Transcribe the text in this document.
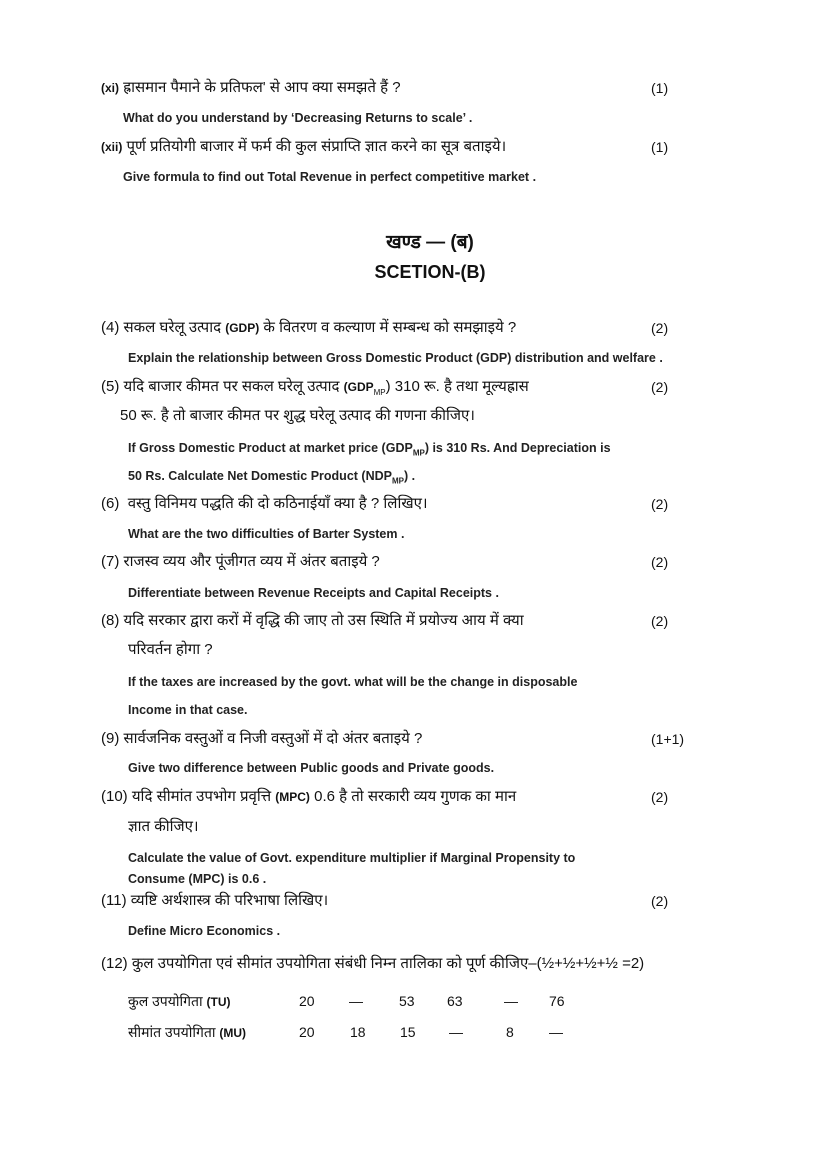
(xi) ह्रासमान पैमाने के प्रतिफल' से आप क्या समझते हैं ?	(1)
What do you understand by ‘Decreasing Returns to scale’ .
(xii) पूर्ण प्रतियोगी बाजार में फर्म की कुल संप्राप्ति ज्ञात करने का सूत्र बताइये।	(1)
Give formula to find out Total Revenue in perfect competitive market .
खण्ड — (ब)
SCETION-(B)
(4) सकल घरेलू उत्पाद (GDP) के वितरण व कल्याण में सम्बन्ध को समझाइये ?	(2)
Explain the relationship between Gross Domestic Product (GDP) distribution and welfare .
(5) यदि बाजार कीमत पर सकल घरेलू उत्पाद $(GDP_{MP})$ 310 रू. है तथा मूल्यह्रास	(2)
50 रू. है तो बाजार कीमत पर शुद्ध घरेलू उत्पाद की गणना कीजिए।
If Gross Domestic Product at market price $(GDP_{MP})$ is 310 Rs. And Depreciation is
50 Rs. Calculate Net Domestic Product $(NDP_{MP})$ .
(6) वस्तु विनिमय पद्धति की दो कठिनाईयाँ क्या है ? लिखिए।	(2)
What are the two difficulties of Barter System .
(7) राजस्व व्यय और पूंजीगत व्यय में अंतर बताइये ?	(2)
Differentiate between Revenue Receipts and Capital Receipts .
(8) यदि सरकार द्वारा करों में वृद्धि की जाए तो उस स्थिति में प्रयोज्य आय में क्या	(2)
परिवर्तन होगा ?
If the taxes are increased by the govt. what will be the change in disposable
Income in that case.
(9) सार्वजनिक वस्तुओं व निजी वस्तुओं में दो अंतर बताइये ?	(1+1)
Give two difference between Public goods and Private goods.
(10) यदि सीमांत उपभोग प्रवृत्ति (MPC) 0.6 है तो सरकारी व्यय गुणक का मान	(2)
ज्ञात कीजिए।
Calculate the value of Govt. expenditure multiplier if Marginal Propensity to
Consume (MPC) is 0.6 .
(11) व्यष्टि अर्थशास्त्र की परिभाषा लिखिए।	(2)
Define Micro Economics .
(12) कुल उपयोगिता एवं सीमांत उपयोगिता संबंधी निम्न तालिका को पूर्ण कीजिए–(½+½+½+½ =2)
कुल उपयोगिता (TU)	20 —	53 63	— 76
सीमांत उपयोगिता (MU)	20	18 15 —	8	—
